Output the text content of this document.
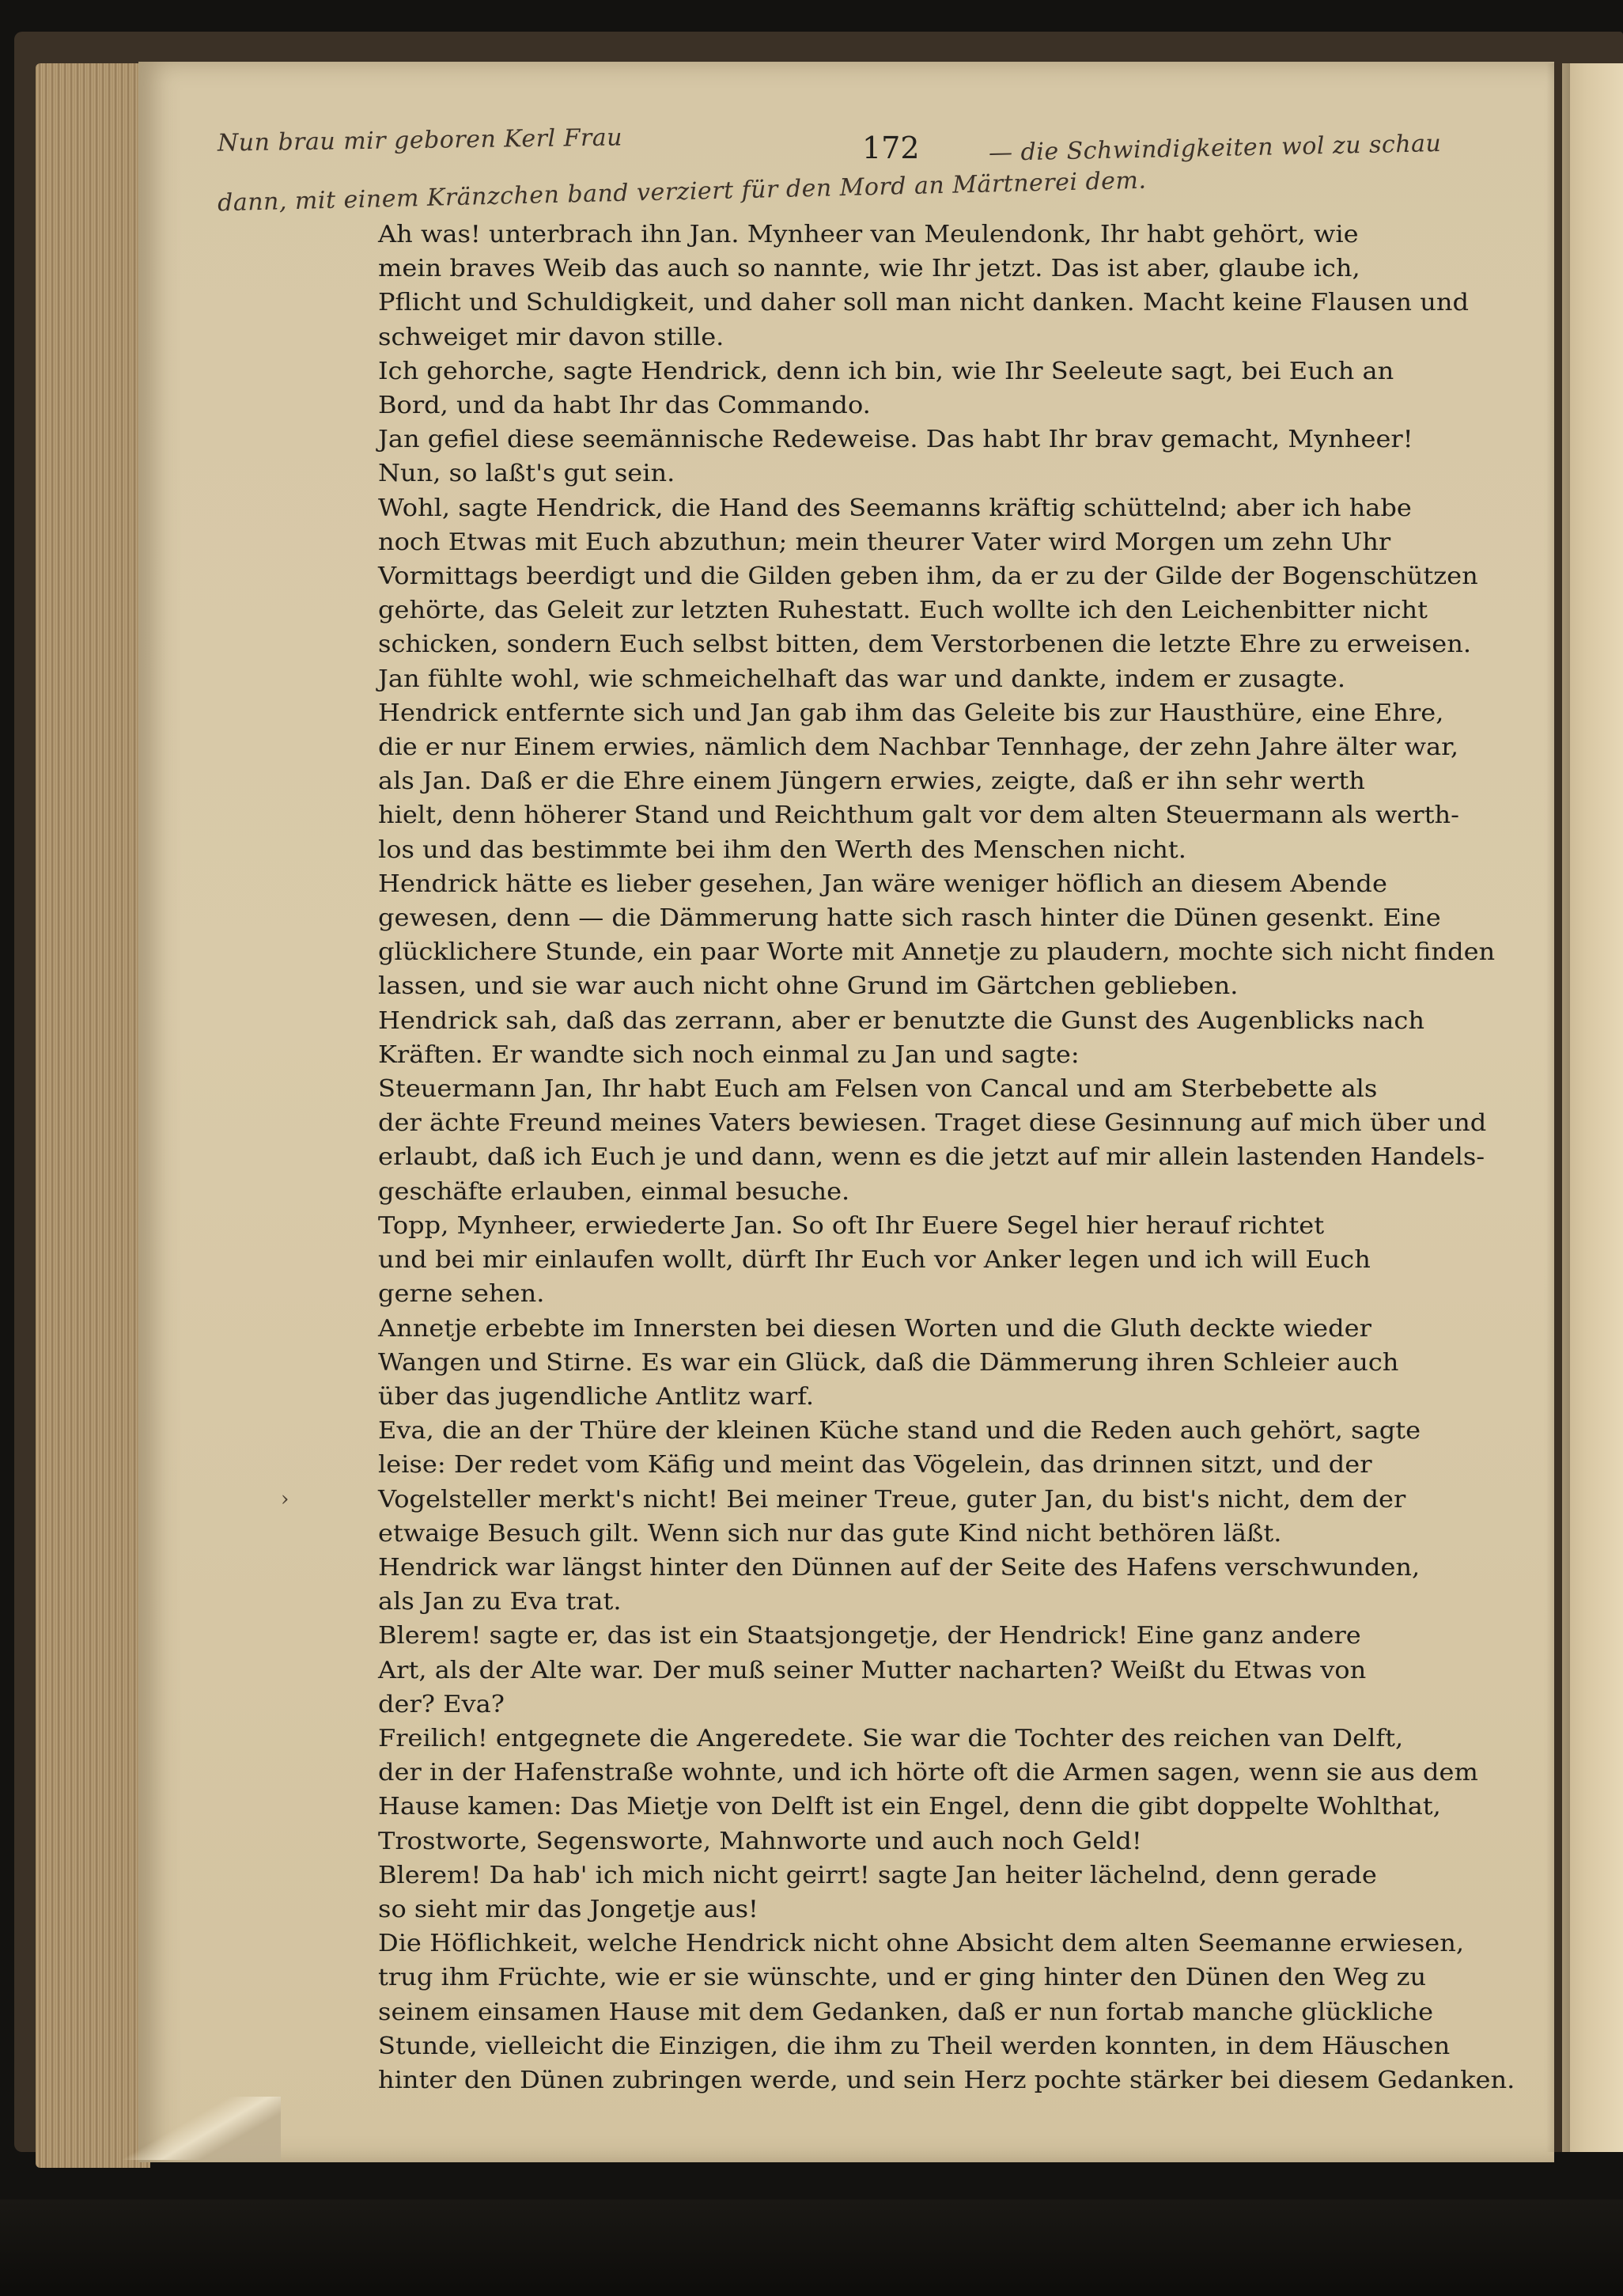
Nun brau mir geboren Kerl Frau	172	— die Schwindigkeiten wol zu schau
dann, mit einem Kränzchen band verziert für den Mord an Märtnerei dem.
›

Ah was! unterbrach ihn Jan. Mynheer van Meulendonk, Ihr habt gehört, wie

mein braves Weib das auch so nannte, wie Ihr jetzt. Das ist aber, glaube ich,

Pflicht und Schuldigkeit, und daher soll man nicht danken. Macht keine Flausen und

schweiget mir davon stille.

Ich gehorche, sagte Hendrick, denn ich bin, wie Ihr Seeleute sagt, bei Euch an

Bord, und da habt Ihr das Commando.

Jan gefiel diese seemännische Redeweise. Das habt Ihr brav gemacht, Mynheer!

Nun, so laßt's gut sein.

Wohl, sagte Hendrick, die Hand des Seemanns kräftig schüttelnd; aber ich habe

noch Etwas mit Euch abzuthun; mein theurer Vater wird Morgen um zehn Uhr

Vormittags beerdigt und die Gilden geben ihm, da er zu der Gilde der Bogenschützen

gehörte, das Geleit zur letzten Ruhestatt. Euch wollte ich den Leichenbitter nicht

schicken, sondern Euch selbst bitten, dem Verstorbenen die letzte Ehre zu erweisen.

Jan fühlte wohl, wie schmeichelhaft das war und dankte, indem er zusagte.

Hendrick entfernte sich und Jan gab ihm das Geleite bis zur Hausthüre, eine Ehre,

die er nur Einem erwies, nämlich dem Nachbar Tennhage, der zehn Jahre älter war,

als Jan. Daß er die Ehre einem Jüngern erwies, zeigte, daß er ihn sehr werth

hielt, denn höherer Stand und Reichthum galt vor dem alten Steuermann als werth-

los und das bestimmte bei ihm den Werth des Menschen nicht.

Hendrick hätte es lieber gesehen, Jan wäre weniger höflich an diesem Abende

gewesen, denn — die Dämmerung hatte sich rasch hinter die Dünen gesenkt. Eine

glücklichere Stunde, ein paar Worte mit Annetje zu plaudern, mochte sich nicht finden

lassen, und sie war auch nicht ohne Grund im Gärtchen geblieben.

Hendrick sah, daß das zerrann, aber er benutzte die Gunst des Augenblicks nach

Kräften. Er wandte sich noch einmal zu Jan und sagte:

Steuermann Jan, Ihr habt Euch am Felsen von Cancal und am Sterbebette als

der ächte Freund meines Vaters bewiesen. Traget diese Gesinnung auf mich über und

erlaubt, daß ich Euch je und dann, wenn es die jetzt auf mir allein lastenden Handels-

geschäfte erlauben, einmal besuche.

Topp, Mynheer, erwiederte Jan. So oft Ihr Euere Segel hier herauf richtet

und bei mir einlaufen wollt, dürft Ihr Euch vor Anker legen und ich will Euch

gerne sehen.

Annetje erbebte im Innersten bei diesen Worten und die Gluth deckte wieder

Wangen und Stirne. Es war ein Glück, daß die Dämmerung ihren Schleier auch

über das jugendliche Antlitz warf.

Eva, die an der Thüre der kleinen Küche stand und die Reden auch gehört, sagte

leise: Der redet vom Käfig und meint das Vögelein, das drinnen sitzt, und der

Vogelsteller merkt's nicht! Bei meiner Treue, guter Jan, du bist's nicht, dem der

etwaige Besuch gilt. Wenn sich nur das gute Kind nicht bethören läßt.

Hendrick war längst hinter den Dünnen auf der Seite des Hafens verschwunden,

als Jan zu Eva trat.

Blerem! sagte er, das ist ein Staatsjongetje, der Hendrick! Eine ganz andere

Art, als der Alte war. Der muß seiner Mutter nacharten? Weißt du Etwas von

der? Eva?

Freilich! entgegnete die Angeredete. Sie war die Tochter des reichen van Delft,

der in der Hafenstraße wohnte, und ich hörte oft die Armen sagen, wenn sie aus dem

Hause kamen: Das Mietje von Delft ist ein Engel, denn die gibt doppelte Wohlthat,

Trostworte, Segensworte, Mahnworte und auch noch Geld!

Blerem! Da hab' ich mich nicht geirrt! sagte Jan heiter lächelnd, denn gerade

so sieht mir das Jongetje aus!

Die Höflichkeit, welche Hendrick nicht ohne Absicht dem alten Seemanne erwiesen,

trug ihm Früchte, wie er sie wünschte, und er ging hinter den Dünen den Weg zu

seinem einsamen Hause mit dem Gedanken, daß er nun fortab manche glückliche

Stunde, vielleicht die Einzigen, die ihm zu Theil werden konnten, in dem Häuschen

hinter den Dünen zubringen werde, und sein Herz pochte stärker bei diesem Gedanken.
